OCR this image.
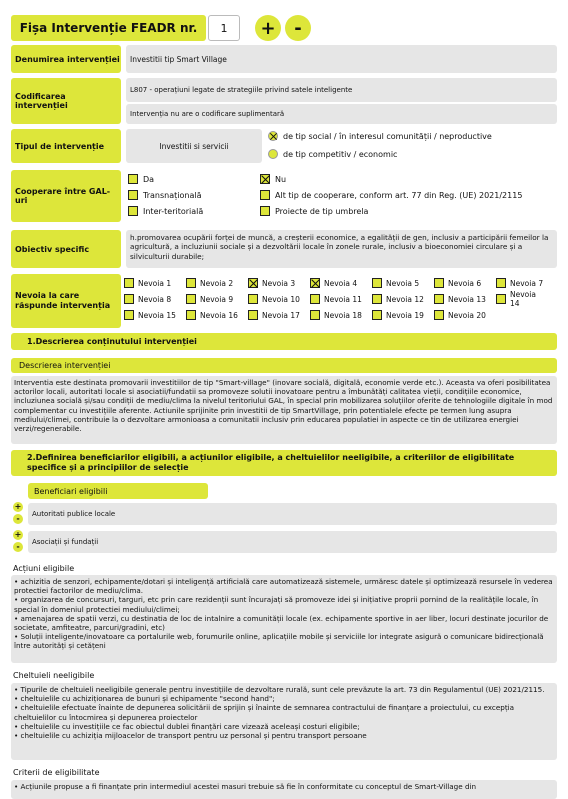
Fișa Intervenție FEADR nr.	1	+	-
Denumirea intervenției	Investitii tip Smart Village
Codificarea intervenției
L807 - operațiuni legate de strategiile privind satele inteligente
Intervenția nu are o codificare suplimentară
Tipul de intervenție	Investitii si servicii
de tip social / în interesul comunității / neproductive
de tip competitiv / economic
Cooperare între GAL-uri
Da	Nu
Transnațională	Alt tip de cooperare, conform art. 77 din Reg. (UE) 2021/2115
Inter-teritorială	Proiecte de tip umbrela
Obiectiv specific
h.promovarea ocupării forței de muncă, a creșterii economice, a egalității de gen, inclusiv a participării femeilor la agricultură, a incluziunii sociale și a dezvoltării locale în zonele rurale, inclusiv a bioeconomiei circulare și a silviculturii durabile;
Nevoia la care răspunde intervenția
Nevoia 1	Nevoia 2	Nevoia 3	Nevoia 4	Nevoia 5	Nevoia 6	Nevoia 7
Nevoia 8	Nevoia 9	Nevoia 10	Nevoia 11	Nevoia 12	Nevoia 13	Nevoia 14
Nevoia 15	Nevoia 16	Nevoia 17	Nevoia 18	Nevoia 19	Nevoia 20
1.Descrierea conținutului intervenției
Descrierea intervenției
Interventia este destinata promovarii investitiilor de tip "Smart-village" (inovare socială, digitală, economie verde etc.). Aceasta va oferi posibilitatea actorilor locali, autoritati locale si asociatii/fundatii sa promoveze solutii inovatoare pentru a îmbunătăți calitatea vieții, condițiile economice, incluziunea socială și/sau condiții de mediu/clima la nivelul teritoriului GAL, în special prin mobilizarea soluțiilor oferite de tehnologiile digitale în mod complementar cu investițiile aferente. Actiunile sprijinite prin investitii de tip SmartVillage, prin potentialele efecte pe termen lung asupra mediului/climei, contribuie la o dezvoltare armonioasa a comunitatii inclusiv prin educarea populatiei in aspecte ce tin de utilizarea energiei verzi/regenerabile.
2.Definirea beneficiarilor eligibili, a acțiunilor eligibile, a cheltuielilor neeligibile, a criteriilor de eligibilitate specifice și a principiilor de selecție
Beneficiari eligibili
+
-	Autoritati publice locale
+
-	Asociații și fundații
Acțiuni eligibile
• achizitia de senzori, echipamente/dotari și inteligență artificială care automatizează sistemele, urmăresc datele și optimizează resursele în vederea protectiei factorilor de mediu/clima.
• organizarea de concursuri, targuri, etc prin care rezidenții sunt încurajați să promoveze idei și inițiative proprii pornind de la realitățile locale, în special în domeniul protectiei mediului/climei;
• amenajarea de spatii verzi, cu destinatia de loc de intalnire a comunității locale (ex. echipamente sportive in aer liber, locuri destinate jocurilor de societate, amfiteatre, parcuri/gradini, etc)
• Soluții inteligente/inovatoare ca portalurile web, forumurile online, aplicațiile mobile și serviciile lor integrate asigură o comunicare bidirecțională între autorități și cetățeni
Cheltuieli neeligibile
• Tipurile de cheltuieli neeligibile generale pentru investițiile de dezvoltare rurală, sunt cele prevăzute la art. 73 din Regulamentul (UE) 2021/2115.
• cheltuielile cu achiziționarea de bunuri și echipamente "second hand";
• cheltuielile efectuate înainte de depunerea solicitării de sprijin și înainte de semnarea contractului de finanțare a proiectului, cu excepția cheltuielilor cu întocmirea și depunerea proiectelor
• cheltuielile cu investițiile ce fac obiectul dublei finanțări care vizează aceleași costuri eligibile;
• cheltuielile cu achiziția mijloacelor de transport pentru uz personal și pentru transport persoane
Criterii de eligibilitate
• Acțiunile propuse a fi finanțate prin intermediul acestei masuri trebuie să fie în conformitate cu conceptul de Smart-Village din
